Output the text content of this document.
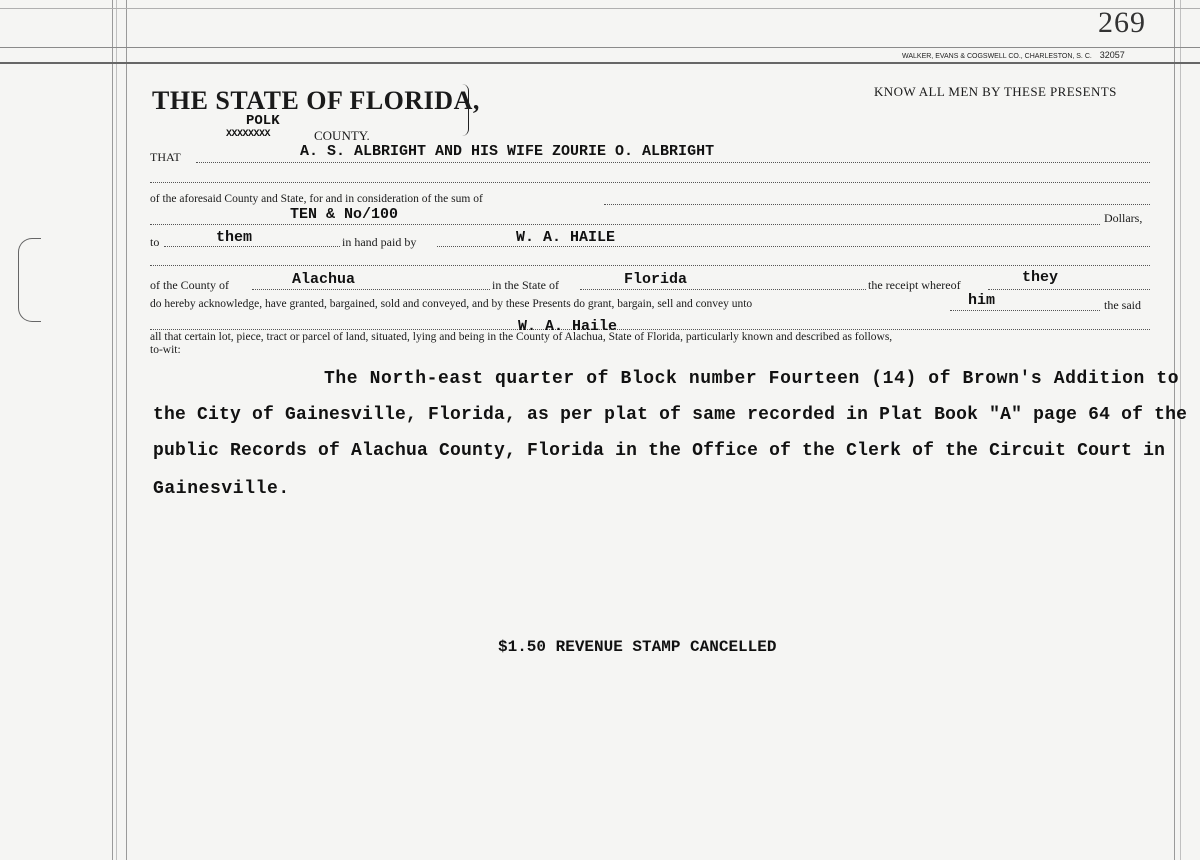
269
WALKER, EVANS & COGSWELL CO., CHARLESTON, S. C. 32057
THE STATE OF FLORIDA,	KNOW ALL MEN BY THESE PRESENTS
POLK
XXXXXXXX	COUNTY.
THAT	A. S. ALBRIGHT AND HIS WIFE ZOURIE O. ALBRIGHT
of the aforesaid County and State, for and in consideration of the sum of
TEN & No/100	Dollars,
to	them	in hand paid by	W. A. HAILE
of the County of	Alachua	in the State of	Florida	the receipt whereof	they
do hereby acknowledge, have granted, bargained, sold and conveyed, and by these Presents do grant, bargain, sell and convey unto	him	the said
W. A. Haile
all that certain lot, piece, tract or parcel of land, situated, lying and being in the County of Alachua, State of Florida, particularly known and described as follows,
to-wit:
The North-east quarter of Block number Fourteen (14) of Brown's Addition to
the City of Gainesville, Florida, as per plat of same recorded in Plat Book "A" page 64 of the
public Records of Alachua County, Florida in the Office of the Clerk of the Circuit Court in
Gainesville.
$1.50 REVENUE STAMP CANCELLED
